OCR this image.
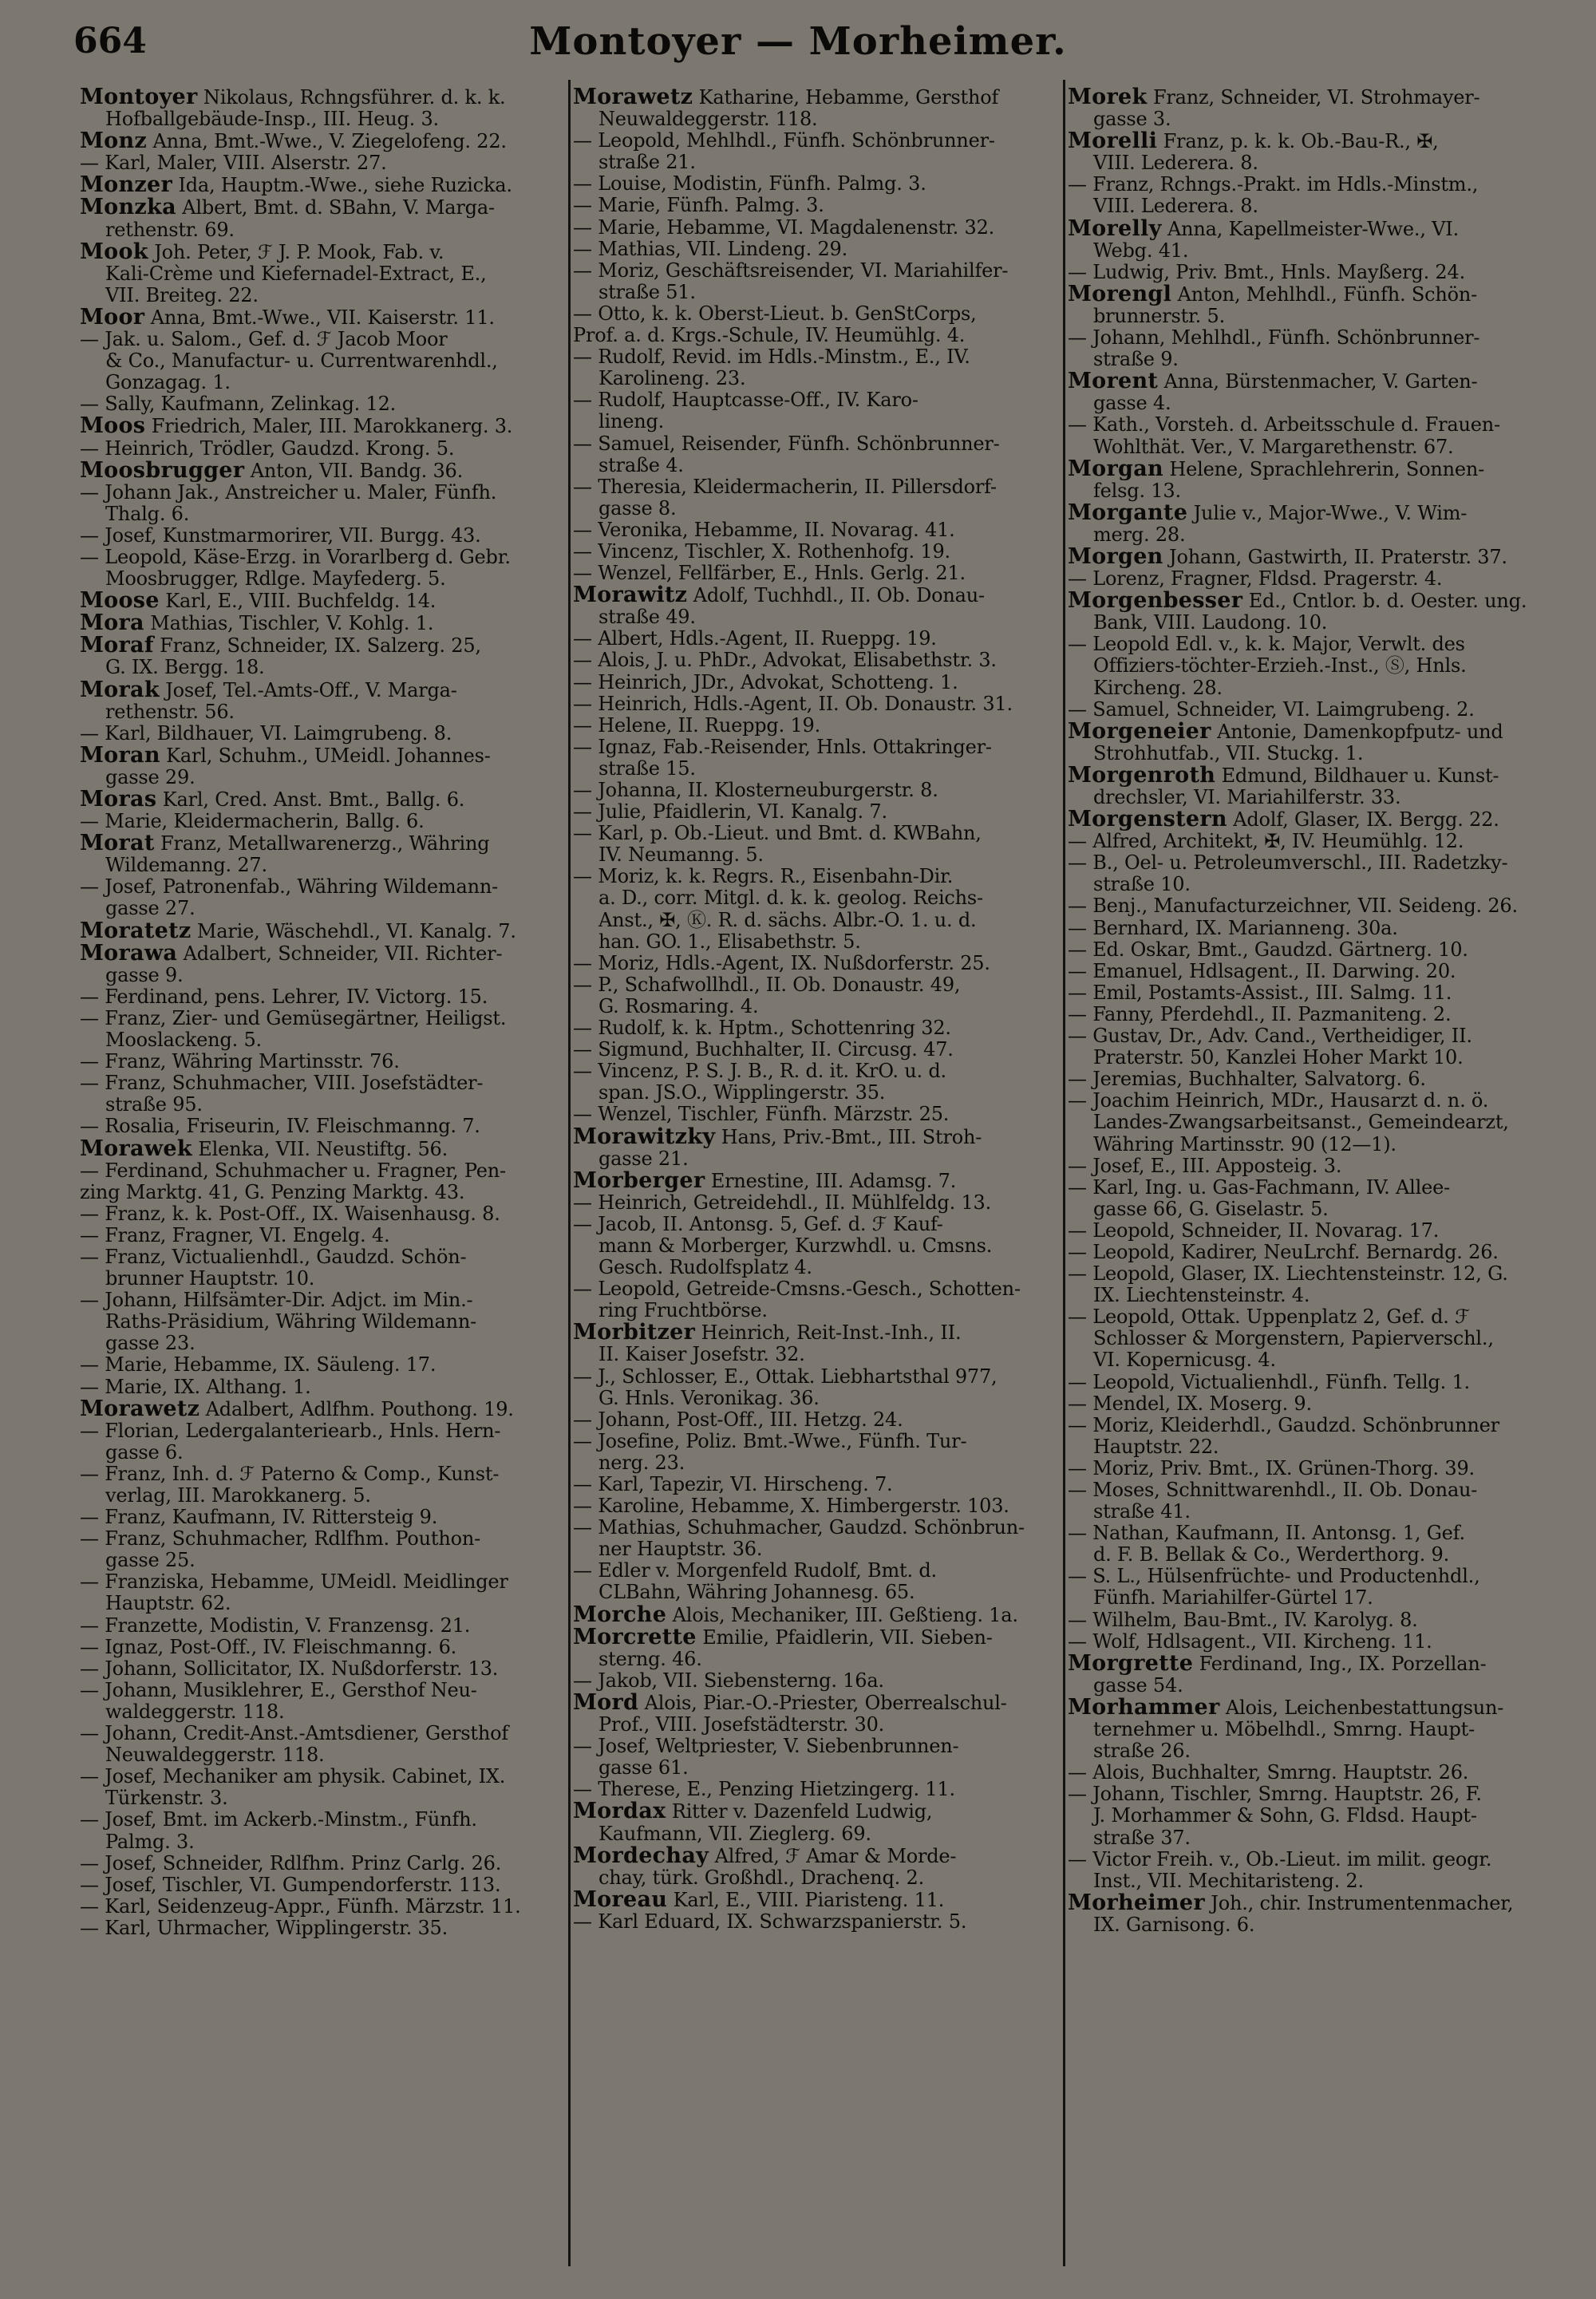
664	Montoyer — Morheimer.
Montoyer Nikolaus, Rchngsführer. d. k. k.
Hofballgebäude-Insp., III. Heug. 3.
Monz Anna, Bmt.-Wwe., V. Ziegelofeng. 22.
— Karl, Maler, VIII. Alserstr. 27.
Monzer Ida, Hauptm.-Wwe., siehe Ruzicka.
Monzka Albert, Bmt. d. SBahn, V. Marga-
rethenstr. 69.
Mook Joh. Peter, ℱ J. P. Mook, Fab. v.
Kali-Crème und Kiefernadel-Extract, E.,
VII. Breiteg. 22.
Moor Anna, Bmt.-Wwe., VII. Kaiserstr. 11.
— Jak. u. Salom., Gef. d. ℱ Jacob Moor
& Co., Manufactur- u. Currentwarenhdl.,
Gonzagag. 1.
— Sally, Kaufmann, Zelinkag. 12.
Moos Friedrich, Maler, III. Marokkanerg. 3.
— Heinrich, Trödler, Gaudzd. Krong. 5.
Moosbrugger Anton, VII. Bandg. 36.
— Johann Jak., Anstreicher u. Maler, Fünfh.
Thalg. 6.
— Josef, Kunstmarmorirer, VII. Burgg. 43.
— Leopold, Käse-Erzg. in Vorarlberg d. Gebr.
Moosbrugger, Rdlge. Mayfederg. 5.
Moose Karl, E., VIII. Buchfeldg. 14.
Mora Mathias, Tischler, V. Kohlg. 1.
Moraf Franz, Schneider, IX. Salzerg. 25,
G. IX. Bergg. 18.
Morak Josef, Tel.-Amts-Off., V. Marga-
rethenstr. 56.
— Karl, Bildhauer, VI. Laimgrubeng. 8.
Moran Karl, Schuhm., UMeidl. Johannes-
gasse 29.
Moras Karl, Cred. Anst. Bmt., Ballg. 6.
— Marie, Kleidermacherin, Ballg. 6.
Morat Franz, Metallwarenerzg., Währing
Wildemanng. 27.
— Josef, Patronenfab., Währing Wildemann-
gasse 27.
Moratetz Marie, Wäschehdl., VI. Kanalg. 7.
Morawa Adalbert, Schneider, VII. Richter-
gasse 9.
— Ferdinand, pens. Lehrer, IV. Victorg. 15.
— Franz, Zier- und Gemüsegärtner, Heiligst.
Mooslackeng. 5.
— Franz, Währing Martinsstr. 76.
— Franz, Schuhmacher, VIII. Josefstädter-
straße 95.
— Rosalia, Friseurin, IV. Fleischmanng. 7.
Morawek Elenka, VII. Neustiftg. 56.
— Ferdinand, Schuhmacher u. Fragner, Pen-
zing Marktg. 41, G. Penzing Marktg. 43.
— Franz, k. k. Post-Off., IX. Waisenhausg. 8.
— Franz, Fragner, VI. Engelg. 4.
— Franz, Victualienhdl., Gaudzd. Schön-
brunner Hauptstr. 10.
— Johann, Hilfsämter-Dir. Adjct. im Min.-
Raths-Präsidium, Währing Wildemann-
gasse 23.
— Marie, Hebamme, IX. Säuleng. 17.
— Marie, IX. Althang. 1.
Morawetz Adalbert, Adlfhm. Pouthong. 19.
— Florian, Ledergalanteriearb., Hnls. Hern-
gasse 6.
— Franz, Inh. d. ℱ Paterno & Comp., Kunst-
verlag, III. Marokkanerg. 5.
— Franz, Kaufmann, IV. Rittersteig 9.
— Franz, Schuhmacher, Rdlfhm. Pouthon-
gasse 25.
— Franziska, Hebamme, UMeidl. Meidlinger
Hauptstr. 62.
— Franzette, Modistin, V. Franzensg. 21.
— Ignaz, Post-Off., IV. Fleischmanng. 6.
— Johann, Sollicitator, IX. Nußdorferstr. 13.
— Johann, Musiklehrer, E., Gersthof Neu-
waldeggerstr. 118.
— Johann, Credit-Anst.-Amtsdiener, Gersthof
Neuwaldeggerstr. 118.
— Josef, Mechaniker am physik. Cabinet, IX.
Türkenstr. 3.
— Josef, Bmt. im Ackerb.-Minstm., Fünfh.
Palmg. 3.
— Josef, Schneider, Rdlfhm. Prinz Carlg. 26.
— Josef, Tischler, VI. Gumpendorferstr. 113.
— Karl, Seidenzeug-Appr., Fünfh. Märzstr. 11.
— Karl, Uhrmacher, Wipplingerstr. 35.
Morawetz Katharine, Hebamme, Gersthof
Neuwaldeggerstr. 118.
— Leopold, Mehlhdl., Fünfh. Schönbrunner-
straße 21.
— Louise, Modistin, Fünfh. Palmg. 3.
— Marie, Fünfh. Palmg. 3.
— Marie, Hebamme, VI. Magdalenenstr. 32.
— Mathias, VII. Lindeng. 29.
— Moriz, Geschäftsreisender, VI. Mariahilfer-
straße 51.
— Otto, k. k. Oberst-Lieut. b. GenStCorps,
Prof. a. d. Krgs.-Schule, IV. Heumühlg. 4.
— Rudolf, Revid. im Hdls.-Minstm., E., IV.
Karolineng. 23.
— Rudolf, Hauptcasse-Off., IV. Karo-
lineng.
— Samuel, Reisender, Fünfh. Schönbrunner-
straße 4.
— Theresia, Kleidermacherin, II. Pillersdorf-
gasse 8.
— Veronika, Hebamme, II. Novarag. 41.
— Vincenz, Tischler, X. Rothenhofg. 19.
— Wenzel, Fellfärber, E., Hnls. Gerlg. 21.
Morawitz Adolf, Tuchhdl., II. Ob. Donau-
straße 49.
— Albert, Hdls.-Agent, II. Rueppg. 19.
— Alois, J. u. PhDr., Advokat, Elisabethstr. 3.
— Heinrich, JDr., Advokat, Schotteng. 1.
— Heinrich, Hdls.-Agent, II. Ob. Donaustr. 31.
— Helene, II. Rueppg. 19.
— Ignaz, Fab.-Reisender, Hnls. Ottakringer-
straße 15.
— Johanna, II. Klosterneuburgerstr. 8.
— Julie, Pfaidlerin, VI. Kanalg. 7.
— Karl, p. Ob.-Lieut. und Bmt. d. KWBahn,
IV. Neumanng. 5.
— Moriz, k. k. Regrs. R., Eisenbahn-Dir.
a. D., corr. Mitgl. d. k. k. geolog. Reichs-
Anst., ✠, Ⓚ. R. d. sächs. Albr.-O. 1. u. d.
han. GO. 1., Elisabethstr. 5.
— Moriz, Hdls.-Agent, IX. Nußdorferstr. 25.
— P., Schafwollhdl., II. Ob. Donaustr. 49,
G. Rosmaring. 4.
— Rudolf, k. k. Hptm., Schottenring 32.
— Sigmund, Buchhalter, II. Circusg. 47.
— Vincenz, P. S. J. B., R. d. it. KrO. u. d.
span. JS.O., Wipplingerstr. 35.
— Wenzel, Tischler, Fünfh. Märzstr. 25.
Morawitzky Hans, Priv.-Bmt., III. Stroh-
gasse 21.
Morberger Ernestine, III. Adamsg. 7.
— Heinrich, Getreidehdl., II. Mühlfeldg. 13.
— Jacob, II. Antonsg. 5, Gef. d. ℱ Kauf-
mann & Morberger, Kurzwhdl. u. Cmsns.
Gesch. Rudolfsplatz 4.
— Leopold, Getreide-Cmsns.-Gesch., Schotten-
ring Fruchtbörse.
Morbitzer Heinrich, Reit-Inst.-Inh., II.
II. Kaiser Josefstr. 32.
— J., Schlosser, E., Ottak. Liebhartsthal 977,
G. Hnls. Veronikag. 36.
— Johann, Post-Off., III. Hetzg. 24.
— Josefine, Poliz. Bmt.-Wwe., Fünfh. Tur-
nerg. 23.
— Karl, Tapezir, VI. Hirscheng. 7.
— Karoline, Hebamme, X. Himbergerstr. 103.
— Mathias, Schuhmacher, Gaudzd. Schönbrun-
ner Hauptstr. 36.
— Edler v. Morgenfeld Rudolf, Bmt. d.
CLBahn, Währing Johannesg. 65.
Morche Alois, Mechaniker, III. Geßtieng. 1a.
Morcrette Emilie, Pfaidlerin, VII. Sieben-
sterng. 46.
— Jakob, VII. Siebensterng. 16a.
Mord Alois, Piar.-O.-Priester, Oberrealschul-
Prof., VIII. Josefstädterstr. 30.
— Josef, Weltpriester, V. Siebenbrunnen-
gasse 61.
— Therese, E., Penzing Hietzingerg. 11.
Mordax Ritter v. Dazenfeld Ludwig,
Kaufmann, VII. Zieglerg. 69.
Mordechay Alfred, ℱ Amar & Morde-
chay, türk. Großhdl., Drachenq. 2.
Moreau Karl, E., VIII. Piaristeng. 11.
— Karl Eduard, IX. Schwarzspanierstr. 5.
Morek Franz, Schneider, VI. Strohmayer-
gasse 3.
Morelli Franz, p. k. k. Ob.-Bau-R., ✠,
VIII. Lederera. 8.
— Franz, Rchngs.-Prakt. im Hdls.-Minstm.,
VIII. Lederera. 8.
Morelly Anna, Kapellmeister-Wwe., VI.
Webg. 41.
— Ludwig, Priv. Bmt., Hnls. Mayßerg. 24.
Morengl Anton, Mehlhdl., Fünfh. Schön-
brunnerstr. 5.
— Johann, Mehlhdl., Fünfh. Schönbrunner-
straße 9.
Morent Anna, Bürstenmacher, V. Garten-
gasse 4.
— Kath., Vorsteh. d. Arbeitsschule d. Frauen-
Wohlthät. Ver., V. Margarethenstr. 67.
Morgan Helene, Sprachlehrerin, Sonnen-
felsg. 13.
Morgante Julie v., Major-Wwe., V. Wim-
merg. 28.
Morgen Johann, Gastwirth, II. Praterstr. 37.
— Lorenz, Fragner, Fldsd. Pragerstr. 4.
Morgenbesser Ed., Cntlor. b. d. Oester. ung.
Bank, VIII. Laudong. 10.
— Leopold Edl. v., k. k. Major, Verwlt. des
Offiziers-töchter-Erzieh.-Inst., Ⓢ, Hnls.
Kircheng. 28.
— Samuel, Schneider, VI. Laimgrubeng. 2.
Morgeneier Antonie, Damenkopfputz- und
Strohhutfab., VII. Stuckg. 1.
Morgenroth Edmund, Bildhauer u. Kunst-
drechsler, VI. Mariahilferstr. 33.
Morgenstern Adolf, Glaser, IX. Bergg. 22.
— Alfred, Architekt, ✠, IV. Heumühlg. 12.
— B., Oel- u. Petroleumverschl., III. Radetzky-
straße 10.
— Benj., Manufacturzeichner, VII. Seideng. 26.
— Bernhard, IX. Marianneng. 30a.
— Ed. Oskar, Bmt., Gaudzd. Gärtnerg. 10.
— Emanuel, Hdlsagent., II. Darwing. 20.
— Emil, Postamts-Assist., III. Salmg. 11.
— Fanny, Pferdehdl., II. Pazmaniteng. 2.
— Gustav, Dr., Adv. Cand., Vertheidiger, II.
Praterstr. 50, Kanzlei Hoher Markt 10.
— Jeremias, Buchhalter, Salvatorg. 6.
— Joachim Heinrich, MDr., Hausarzt d. n. ö.
Landes-Zwangsarbeitsanst., Gemeindearzt,
Währing Martinsstr. 90 (12—1).
— Josef, E., III. Apposteig. 3.
— Karl, Ing. u. Gas-Fachmann, IV. Allee-
gasse 66, G. Giselastr. 5.
— Leopold, Schneider, II. Novarag. 17.
— Leopold, Kadirer, NeuLrchf. Bernardg. 26.
— Leopold, Glaser, IX. Liechtensteinstr. 12, G.
IX. Liechtensteinstr. 4.
— Leopold, Ottak. Uppenplatz 2, Gef. d. ℱ
Schlosser & Morgenstern, Papierverschl.,
VI. Kopernicusg. 4.
— Leopold, Victualienhdl., Fünfh. Tellg. 1.
— Mendel, IX. Moserg. 9.
— Moriz, Kleiderhdl., Gaudzd. Schönbrunner
Hauptstr. 22.
— Moriz, Priv. Bmt., IX. Grünen-Thorg. 39.
— Moses, Schnittwarenhdl., II. Ob. Donau-
straße 41.
— Nathan, Kaufmann, II. Antonsg. 1, Gef.
d. F. B. Bellak & Co., Werderthorg. 9.
— S. L., Hülsenfrüchte- und Productenhdl.,
Fünfh. Mariahilfer-Gürtel 17.
— Wilhelm, Bau-Bmt., IV. Karolyg. 8.
— Wolf, Hdlsagent., VII. Kircheng. 11.
Morgrette Ferdinand, Ing., IX. Porzellan-
gasse 54.
Morhammer Alois, Leichenbestattungsun-
ternehmer u. Möbelhdl., Smrng. Haupt-
straße 26.
— Alois, Buchhalter, Smrng. Hauptstr. 26.
— Johann, Tischler, Smrng. Hauptstr. 26, F.
J. Morhammer & Sohn, G. Fldsd. Haupt-
straße 37.
— Victor Freih. v., Ob.-Lieut. im milit. geogr.
Inst., VII. Mechitaristeng. 2.
Morheimer Joh., chir. Instrumentenmacher,
IX. Garnisong. 6.
